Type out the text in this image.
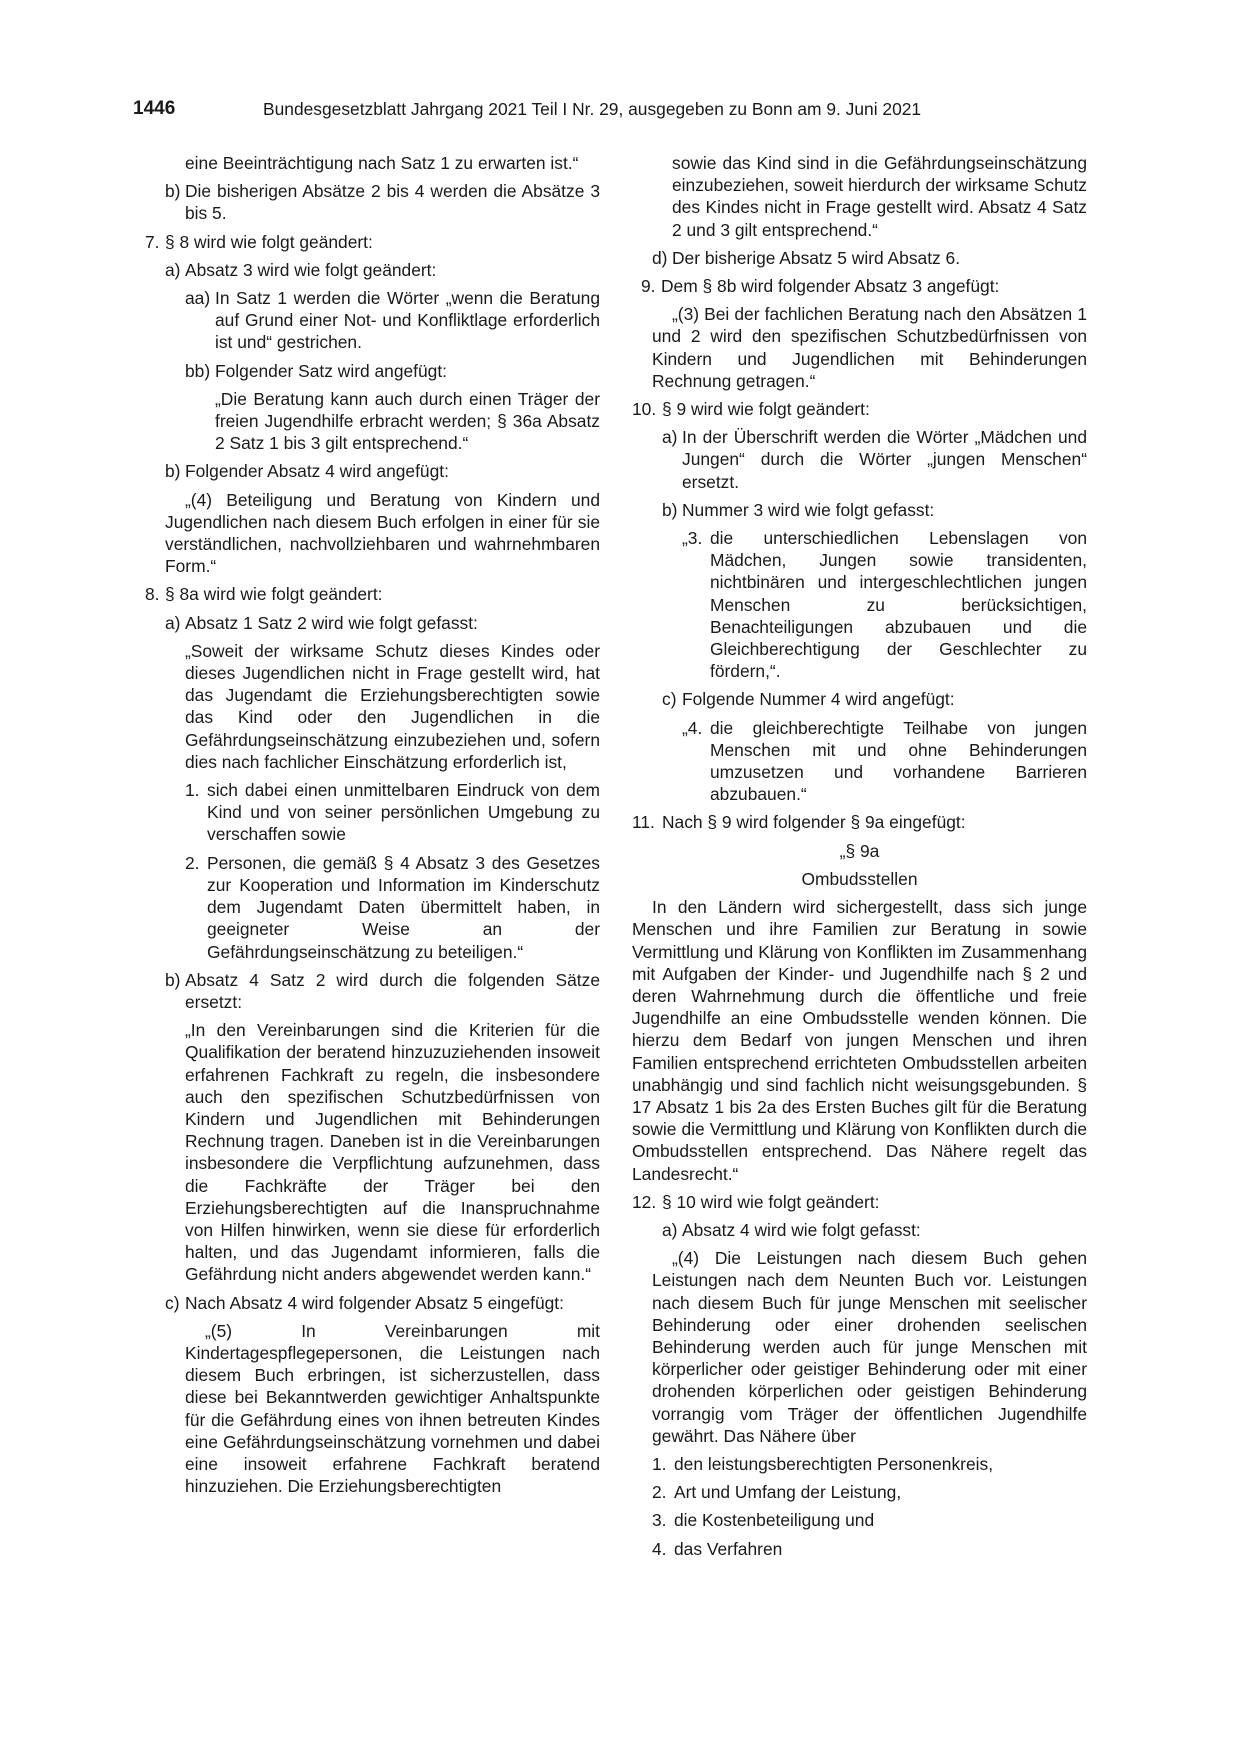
1446	Bundesgesetzblatt Jahrgang 2021 Teil I Nr. 29, ausgegeben zu Bonn am 9. Juni 2021
eine Beeinträchtigung nach Satz 1 zu erwarten ist.“
b) Die bisherigen Absätze 2 bis 4 werden die Absätze 3 bis 5.
7. § 8 wird wie folgt geändert:
a) Absatz 3 wird wie folgt geändert:
aa) In Satz 1 werden die Wörter „wenn die Beratung auf Grund einer Not- und Konfliktlage erforderlich ist und“ gestrichen.
bb) Folgender Satz wird angefügt:
„Die Beratung kann auch durch einen Träger der freien Jugendhilfe erbracht werden; § 36a Absatz 2 Satz 1 bis 3 gilt entsprechend.“
b) Folgender Absatz 4 wird angefügt:
„(4) Beteiligung und Beratung von Kindern und Jugendlichen nach diesem Buch erfolgen in einer für sie verständlichen, nachvollziehbaren und wahrnehmbaren Form.“
8. § 8a wird wie folgt geändert:
a) Absatz 1 Satz 2 wird wie folgt gefasst:
„Soweit der wirksame Schutz dieses Kindes oder dieses Jugendlichen nicht in Frage gestellt wird, hat das Jugendamt die Erziehungsberechtigten sowie das Kind oder den Jugendlichen in die Gefährdungseinschätzung einzubeziehen und, sofern dies nach fachlicher Einschätzung erforderlich ist,
1. sich dabei einen unmittelbaren Eindruck von dem Kind und von seiner persönlichen Umgebung zu verschaffen sowie
2. Personen, die gemäß § 4 Absatz 3 des Gesetzes zur Kooperation und Information im Kinderschutz dem Jugendamt Daten übermittelt haben, in geeigneter Weise an der Gefährdungseinschätzung zu beteiligen.“
b) Absatz 4 Satz 2 wird durch die folgenden Sätze ersetzt:
„In den Vereinbarungen sind die Kriterien für die Qualifikation der beratend hinzuzuziehenden insoweit erfahrenen Fachkraft zu regeln, die insbesondere auch den spezifischen Schutzbedürfnissen von Kindern und Jugendlichen mit Behinderungen Rechnung tragen. Daneben ist in die Vereinbarungen insbesondere die Verpflichtung aufzunehmen, dass die Fachkräfte der Träger bei den Erziehungsberechtigten auf die Inanspruchnahme von Hilfen hinwirken, wenn sie diese für erforderlich halten, und das Jugendamt informieren, falls die Gefährdung nicht anders abgewendet werden kann.“
c) Nach Absatz 4 wird folgender Absatz 5 eingefügt:
„(5) In Vereinbarungen mit Kindertagespflegepersonen, die Leistungen nach diesem Buch erbringen, ist sicherzustellen, dass diese bei Bekanntwerden gewichtiger Anhaltspunkte für die Gefährdung eines von ihnen betreuten Kindes eine Gefährdungseinschätzung vornehmen und dabei eine insoweit erfahrene Fachkraft beratend hinzuziehen. Die Erziehungsberechtigten
sowie das Kind sind in die Gefährdungseinschätzung einzubeziehen, soweit hierdurch der wirksame Schutz des Kindes nicht in Frage gestellt wird. Absatz 4 Satz 2 und 3 gilt entsprechend.“
d) Der bisherige Absatz 5 wird Absatz 6.
9. Dem § 8b wird folgender Absatz 3 angefügt:
„(3) Bei der fachlichen Beratung nach den Absätzen 1 und 2 wird den spezifischen Schutzbedürfnissen von Kindern und Jugendlichen mit Behinderungen Rechnung getragen.“
10. § 9 wird wie folgt geändert:
a) In der Überschrift werden die Wörter „Mädchen und Jungen“ durch die Wörter „jungen Menschen“ ersetzt.
b) Nummer 3 wird wie folgt gefasst:
„3. die unterschiedlichen Lebenslagen von Mädchen, Jungen sowie transidenten, nichtbinären und intergeschlechtlichen jungen Menschen zu berücksichtigen, Benachteiligungen abzubauen und die Gleichberechtigung der Geschlechter zu fördern,“.
c) Folgende Nummer 4 wird angefügt:
„4. die gleichberechtigte Teilhabe von jungen Menschen mit und ohne Behinderungen umzusetzen und vorhandene Barrieren abzubauen.“
11. Nach § 9 wird folgender § 9a eingefügt:
„§ 9a
Ombudsstellen
In den Ländern wird sichergestellt, dass sich junge Menschen und ihre Familien zur Beratung in sowie Vermittlung und Klärung von Konflikten im Zusammenhang mit Aufgaben der Kinder- und Jugendhilfe nach § 2 und deren Wahrnehmung durch die öffentliche und freie Jugendhilfe an eine Ombudsstelle wenden können. Die hierzu dem Bedarf von jungen Menschen und ihren Familien entsprechend errichteten Ombudsstellen arbeiten unabhängig und sind fachlich nicht weisungsgebunden. § 17 Absatz 1 bis 2a des Ersten Buches gilt für die Beratung sowie die Vermittlung und Klärung von Konflikten durch die Ombudsstellen entsprechend. Das Nähere regelt das Landesrecht.“
12. § 10 wird wie folgt geändert:
a) Absatz 4 wird wie folgt gefasst:
„(4) Die Leistungen nach diesem Buch gehen Leistungen nach dem Neunten Buch vor. Leistungen nach diesem Buch für junge Menschen mit seelischer Behinderung oder einer drohenden seelischen Behinderung werden auch für junge Menschen mit körperlicher oder geistiger Behinderung oder mit einer drohenden körperlichen oder geistigen Behinderung vorrangig vom Träger der öffentlichen Jugendhilfe gewährt. Das Nähere über
1. den leistungsberechtigten Personenkreis,
2. Art und Umfang der Leistung,
3. die Kostenbeteiligung und
4. das Verfahren
